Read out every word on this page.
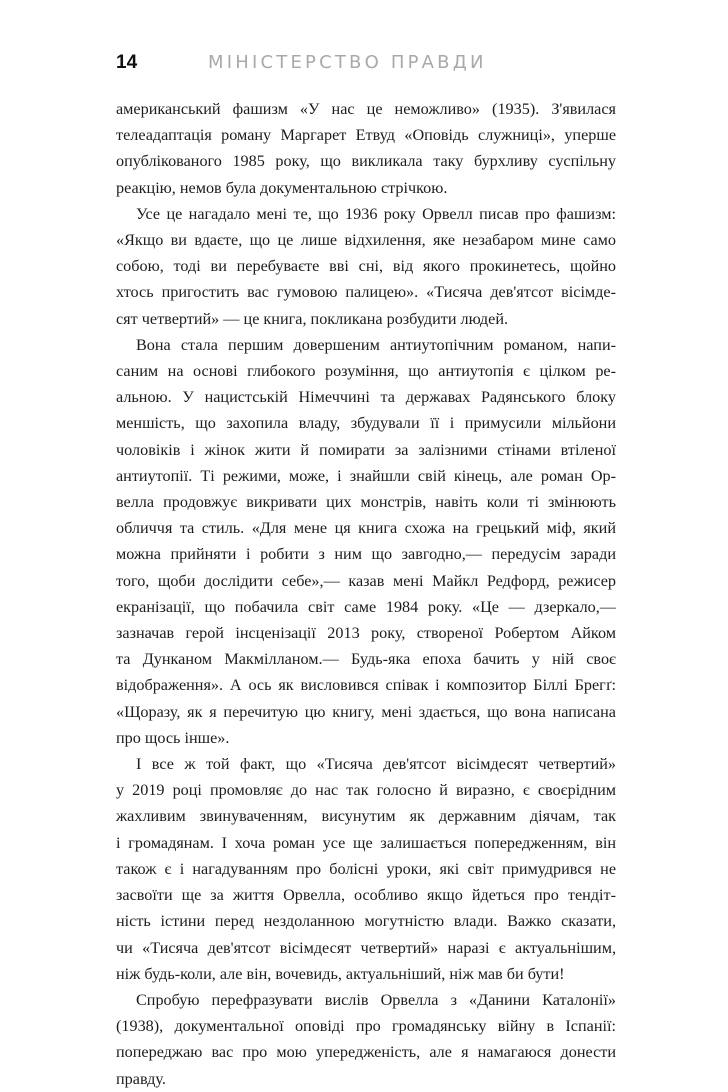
14	МІНІСТЕРСТВО ПРАВДИ
американський фашизм «У нас це неможливо» (1935). З'явилася
телеадаптація роману Маргарет Етвуд «Оповідь служниці», уперше
опублікованого 1985 року, що викликала таку бурхливу суспільну
реакцію, немов була документальною стрічкою.
Усе це нагадало мені те, що 1936 року Орвелл писав про фашизм:
«Якщо ви вдаєте, що це лише відхилення, яке незабаром мине само
собою, тоді ви перебуваєте вві сні, від якого прокинетесь, щойно
хтось пригостить вас гумовою палицею». «Тисяча дев'ятсот вісімде-
сят четвертий» — це книга, покликана розбудити людей.
Вона стала першим довершеним антиутопічним романом, напи-
саним на основі глибокого розуміння, що антиутопія є цілком ре-
альною. У нацистській Німеччині та державах Радянського блоку
меншість, що захопила владу, збудували її і примусили мільйони
чоловіків і жінок жити й помирати за залізними стінами втіленої
антиутопії. Ті режими, може, і знайшли свій кінець, але роман Ор-
велла продовжує викривати цих монстрів, навіть коли ті змінюють
обличчя та стиль. «Для мене ця книга схожа на грецький міф, який
можна прийняти і робити з ним що завгодно,— передусім заради
того, щоби дослідити себе»,— казав мені Майкл Редфорд, режисер
екранізації, що побачила світ саме 1984 року. «Це — дзеркало,—
зазначав герой інсценізації 2013 року, створеної Робертом Айком
та Дунканом Макмілланом.— Будь-яка епоха бачить у ній своє
відображення». А ось як висловився співак і композитор Біллі Брегґ:
«Щоразу, як я перечитую цю книгу, мені здається, що вона написана
про щось інше».
І все ж той факт, що «Тисяча дев'ятсот вісімдесят четвертий»
у 2019 році промовляє до нас так голосно й виразно, є своєрідним
жахливим звинуваченням, висунутим як державним діячам, так
і громадянам. І хоча роман усе ще залишається попередженням, він
також є і нагадуванням про болісні уроки, які світ примудрився не
засвоїти ще за життя Орвелла, особливо якщо йдеться про тендіт-
ність істини перед нездоланною могутністю влади. Важко сказати,
чи «Тисяча дев'ятсот вісімдесят четвертий» наразі є актуальнішим,
ніж будь-коли, але він, вочевидь, актуальніший, ніж мав би бути!
Спробую перефразувати вислів Орвелла з «Данини Каталонії»
(1938), документальної оповіді про громадянську війну в Іспанії:
попереджаю вас про мою упередженість, але я намагаюся донести
правду.
